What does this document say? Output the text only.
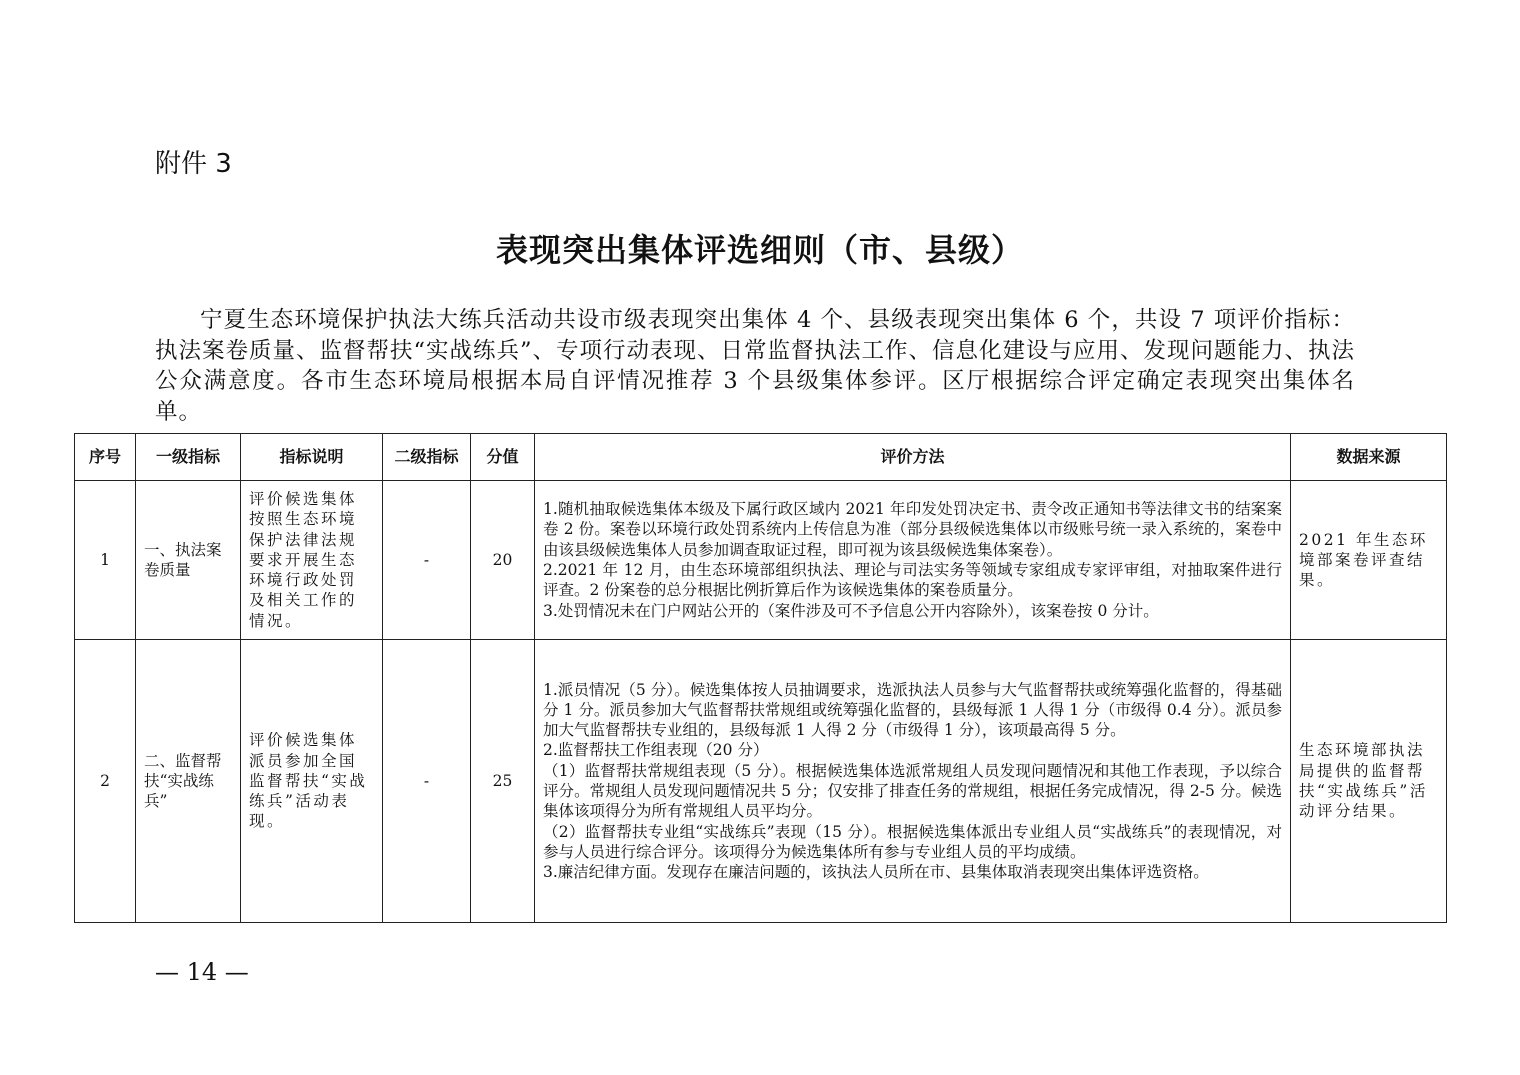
附件 3
表现突出集体评选细则（市、县级）

宁夏生态环境保护执法大练兵活动共设市级表现突出集体 4 个、县级表现突出集体 6 个，共设 7 项评价指标：执法案卷质量、监督帮扶“实战练兵”、专项行动表现、日常监督执法工作、信息化建设与应用、发现问题能力、执法公众满意度。各市生态环境局根据本局自评情况推荐 3 个县级集体参评。区厅根据综合评定确定表现突出集体名单。

序号	一级指标	指标说明	二级指标	分值	评价方法	数据来源
1	一、执法案卷质量	评价候选集体按照生态环境保护法律法规要求开展生态环境行政处罚及相关工作的情况。	-	20	1.随机抽取候选集体本级及下属行政区域内 2021 年印发处罚决定书、责令改正通知书等法律文书的结案案卷 2 份。案卷以环境行政处罚系统内上传信息为准（部分县级候选集体以市级账号统一录入系统的，案卷中由该县级候选集体人员参加调查取证过程，即可视为该县级候选集体案卷）。

2.2021 年 12 月，由生态环境部组织执法、理论与司法实务等领域专家组成专家评审组，对抽取案件进行评查。2 份案卷的总分根据比例折算后作为该候选集体的案卷质量分。

3.处罚情况未在门户网站公开的（案件涉及可不予信息公开内容除外），该案卷按 0 分计。	2021 年生态环境部案卷评查结果。
2	二、监督帮扶“实战练兵”	评价候选集体派员参加全国监督帮扶“实战练兵”活动表现。	-	25	1.派员情况（5 分）。候选集体按人员抽调要求，选派执法人员参与大气监督帮扶或统筹强化监督的，得基础分 1 分。派员参加大气监督帮扶常规组或统筹强化监督的，县级每派 1 人得 1 分（市级得 0.4 分）。派员参加大气监督帮扶专业组的，县级每派 1 人得 2 分（市级得 1 分），该项最高得 5 分。

2.监督帮扶工作组表现（20 分）

（1）监督帮扶常规组表现（5 分）。根据候选集体选派常规组人员发现问题情况和其他工作表现，予以综合评分。常规组人员发现问题情况共 5 分；仅安排了排查任务的常规组，根据任务完成情况，得 2-5 分。候选集体该项得分为所有常规组人员平均分。

（2）监督帮扶专业组“实战练兵”表现（15 分）。根据候选集体派出专业组人员“实战练兵”的表现情况，对参与人员进行综合评分。该项得分为候选集体所有参与专业组人员的平均成绩。

3.廉洁纪律方面。发现存在廉洁问题的，该执法人员所在市、县集体取消表现突出集体评选资格。	生态环境部执法局提供的监督帮扶“实战练兵”活动评分结果。
— 14 —
